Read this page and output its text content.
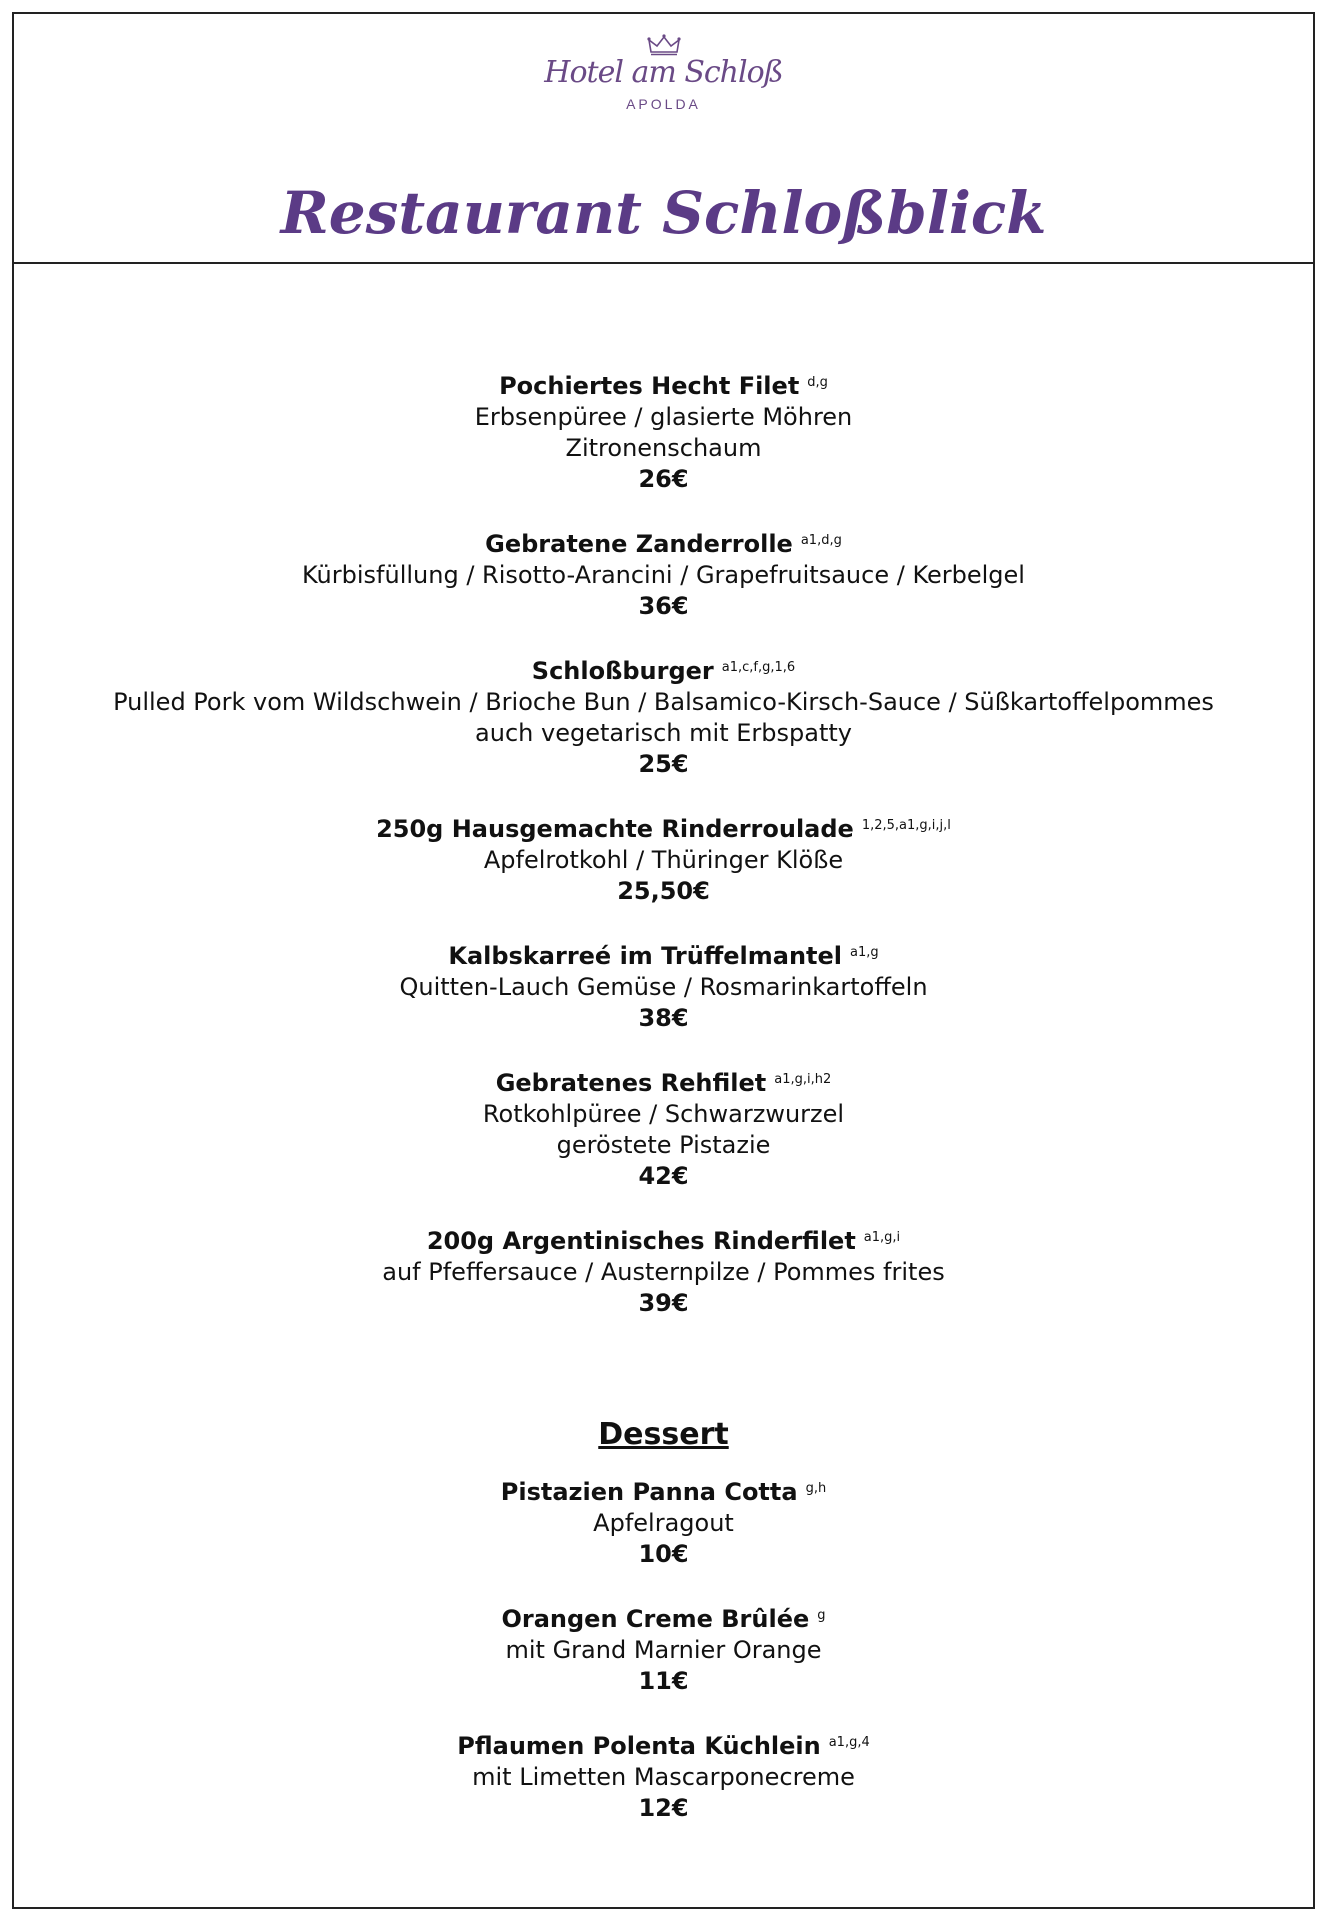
Hotel am Schloß
APOLDA
Restaurant Schloßblick
Pochiertes Hecht Filet $^{d,g}$
Erbsenpüree / glasierte Möhren
Zitronenschaum
26€
Gebratene Zanderrolle $^{a1,d,g}$
Kürbisfüllung / Risotto-Arancini / Grapefruitsauce / Kerbelgel
36€
Schloßburger $^{a1,c,f,g,1,6}$
Pulled Pork vom Wildschwein / Brioche Bun / Balsamico-Kirsch-Sauce / Süßkartoffelpommes
auch vegetarisch mit Erbspatty
25€
250g Hausgemachte Rinderroulade $^{1,2,5,a1,g,i,j,l}$
Apfelrotkohl / Thüringer Klöße
25,50€
Kalbskarreé im Trüffelmantel $^{a1,g}$
Quitten-Lauch Gemüse / Rosmarinkartoffeln
38€
Gebratenes Rehfilet $^{a1,g,i,h2}$
Rotkohlpüree / Schwarzwurzel
geröstete Pistazie
42€
200g Argentinisches Rinderfilet $^{a1,g,i}$
auf Pfeffersauce / Austernpilze / Pommes frites
39€
Dessert
Pistazien Panna Cotta $^{g,h}$
Apfelragout
10€
Orangen Creme Brûlée $^g$
mit Grand Marnier Orange
11€
Pflaumen Polenta Küchlein $^{a1,g,4}$
mit Limetten Mascarponecreme
12€
